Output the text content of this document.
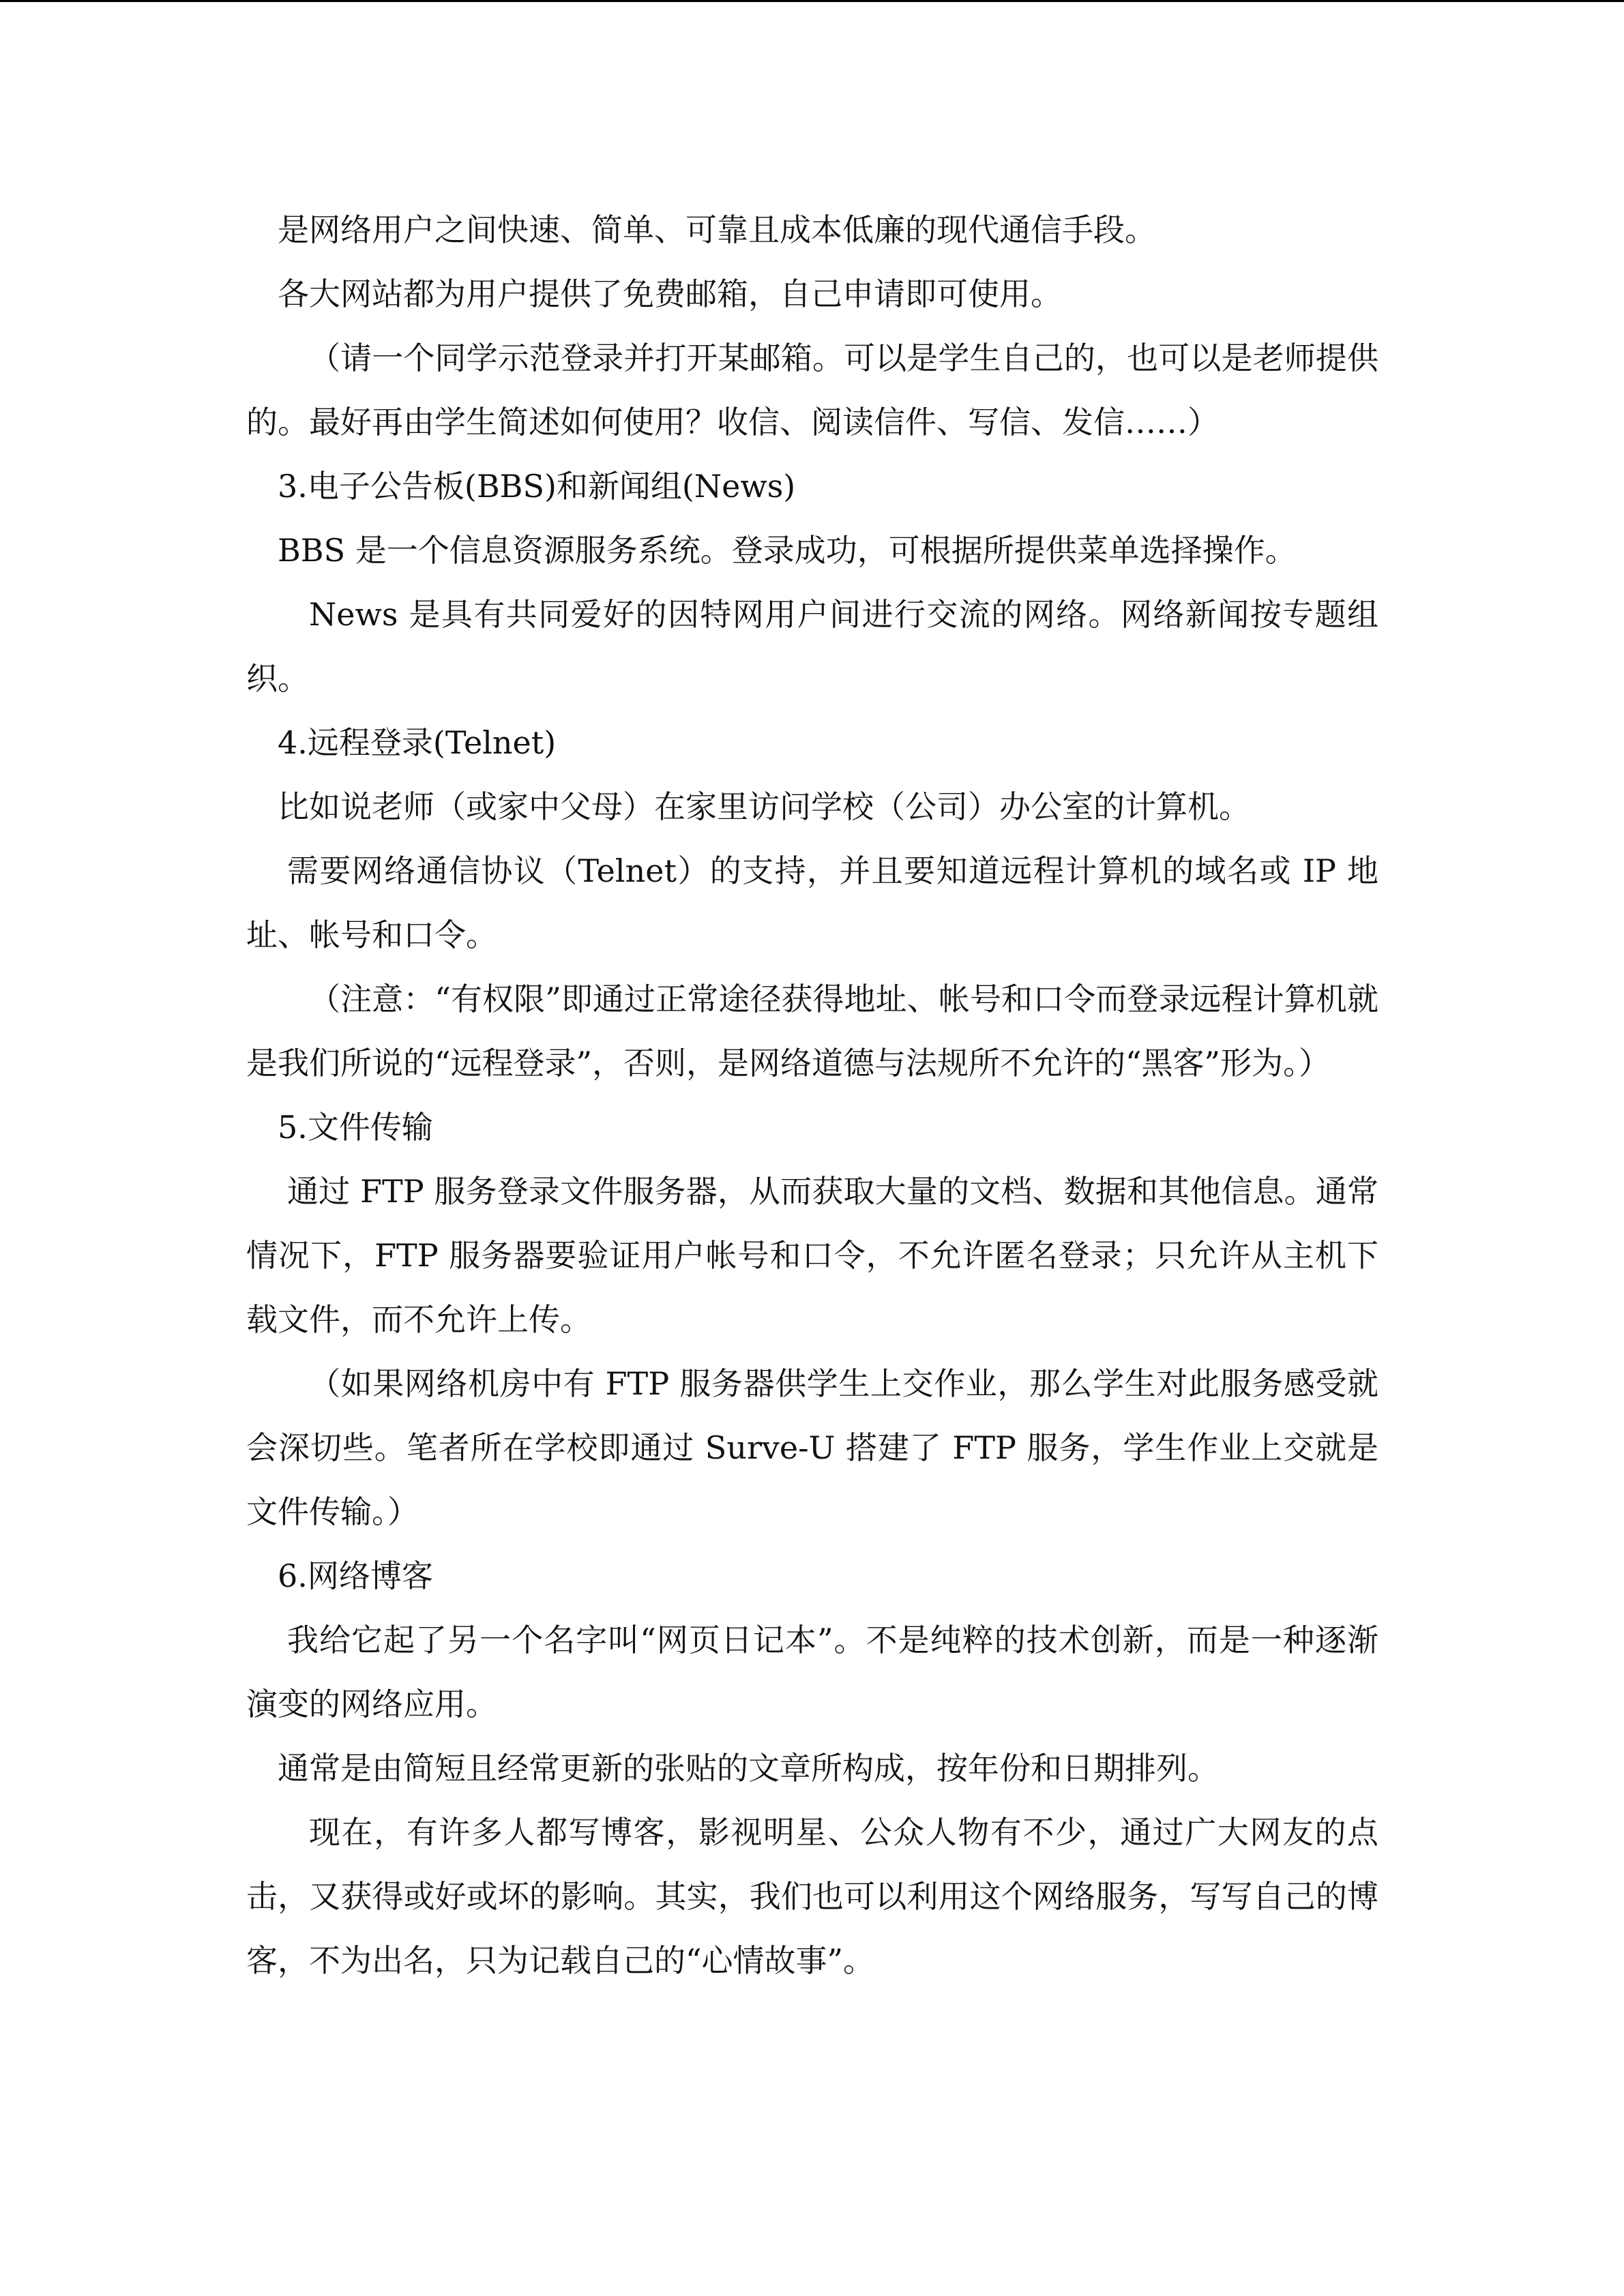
是网络用户之间快速、简单、可靠且成本低廉的现代通信手段。

各大网站都为用户提供了免费邮箱，自己申请即可使用。

（请一个同学示范登录并打开某邮箱。可以是学生自己的，也可以是老师提供的。最好再由学生简述如何使用？收信、阅读信件、写信、发信……）

3.电子公告板(BBS)和新闻组(News)

BBS 是一个信息资源服务系统。登录成功，可根据所提供菜单选择操作。

News 是具有共同爱好的因特网用户间进行交流的网络。网络新闻按专题组织。

4.远程登录(Telnet)

比如说老师（或家中父母）在家里访问学校（公司）办公室的计算机。

需要网络通信协议（Telnet）的支持，并且要知道远程计算机的域名或 IP 地址、帐号和口令。

（注意：“有权限”即通过正常途径获得地址、帐号和口令而登录远程计算机就是我们所说的“远程登录”，否则，是网络道德与法规所不允许的“黑客”形为。）

5.文件传输

通过 FTP 服务登录文件服务器，从而获取大量的文档、数据和其他信息。通常情况下，FTP 服务器要验证用户帐号和口令，不允许匿名登录；只允许从主机下载文件，而不允许上传。

（如果网络机房中有 FTP 服务器供学生上交作业，那么学生对此服务感受就会深切些。笔者所在学校即通过 Surve-U 搭建了 FTP 服务，学生作业上交就是文件传输。）

6.网络博客

我给它起了另一个名字叫“网页日记本”。不是纯粹的技术创新，而是一种逐渐演变的网络应用。

通常是由简短且经常更新的张贴的文章所构成，按年份和日期排列。

现在，有许多人都写博客，影视明星、公众人物有不少，通过广大网友的点击，又获得或好或坏的影响。其实，我们也可以利用这个网络服务，写写自己的博客，不为出名，只为记载自己的“心情故事”。
